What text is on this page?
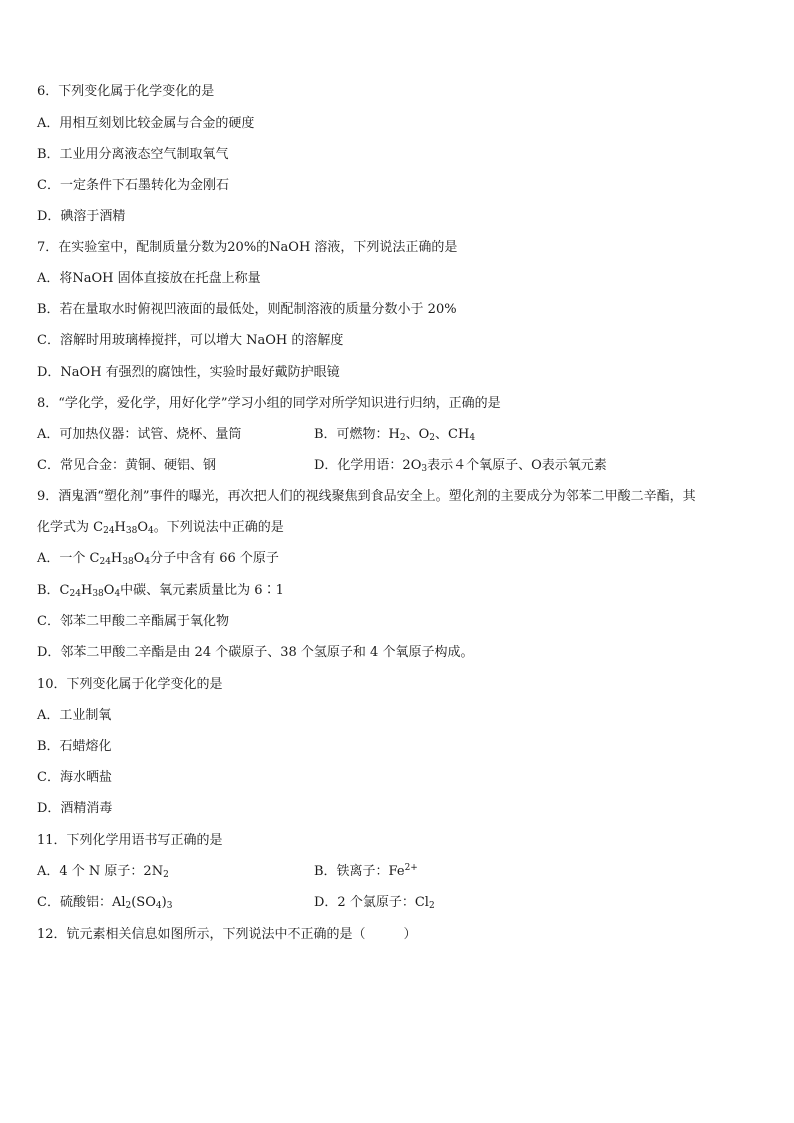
6．下列变化属于化学变化的是
A．用相互刻划比较金属与合金的硬度
B．工业用分离液态空气制取氧气
C．一定条件下石墨转化为金刚石
D．碘溶于酒精
7．在实验室中，配制质量分数为20%的NaOH 溶液，下列说法正确的是
A．将NaOH 固体直接放在托盘上称量
B．若在量取水时俯视凹液面的最低处，则配制溶液的质量分数小于 20%
C．溶解时用玻璃棒搅拌，可以增大 NaOH 的溶解度
D．NaOH 有强烈的腐蚀性，实验时最好戴防护眼镜
8．“学化学，爱化学，用好化学”学习小组的同学对所学知识进行归纳，正确的是
A．可加热仪器：试管、烧杯、量筒	B．可燃物：$H_2$、$O_2$、$CH_4$
C．常见合金：黄铜、硬铝、钢	D．化学用语：$2O_3$表示４个氧原子、O表示氧元素
9．酒鬼酒“塑化剂”事件的曝光，再次把人们的视线聚焦到食品安全上。塑化剂的主要成分为邻苯二甲酸二辛酯，其
化学式为 $C_{24}H_{38}O_4$。下列说法中正确的是
A．一个 $C_{24}H_{38}O_4$分子中含有 66 个原子
B．$C_{24}H_{38}O_4$中碳、氧元素质量比为 6∶1
C．邻苯二甲酸二辛酯属于氧化物
D．邻苯二甲酸二辛酯是由 24 个碳原子、38 个氢原子和 4 个氧原子构成。
10．下列变化属于化学变化的是
A．工业制氧
B．石蜡熔化
C．海水晒盐
D．酒精消毒
11．下列化学用语书写正确的是
A．4 个 N 原子：$2N_2$	B．铁离子：$Fe^{2+}$
C．硫酸铝：$Al_2(SO_4)_3$	D．2 个氯原子：$Cl_2$
12．钪元素相关信息如图所示，下列说法中不正确的是（	）
